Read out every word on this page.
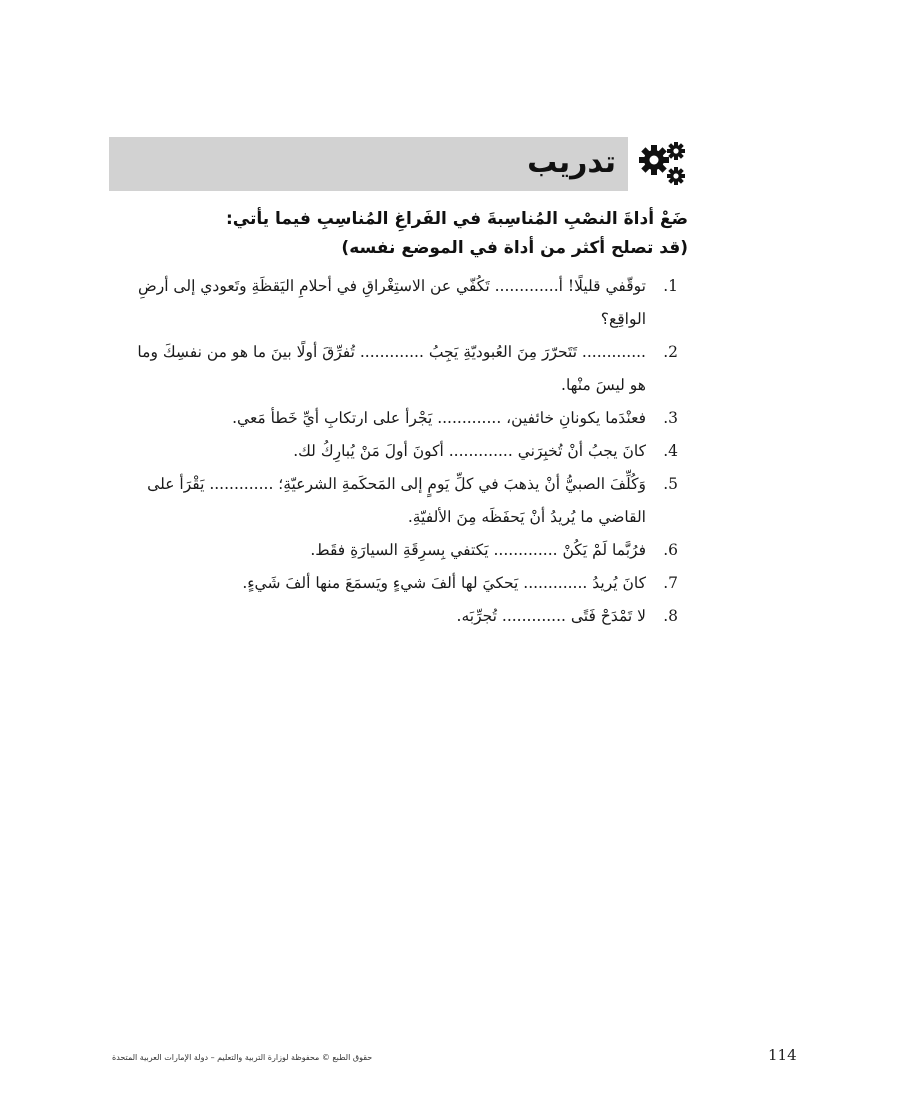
تدريب
ضَعْ أداةَ النصْبِ المُناسِبةَ في الفَراغِ المُناسِبِ فيما يأتي:
(قد تصلح أكثر من أداة في الموضع نفسه)
1.
توقّفي قليلًا! أ............. تَكُفّي عن الاستِغْراقِ في أحلامِ اليَقظَةِ وتَعودي إلى أرضِ الواقِع؟
2.
............. تَتَحرّرَ مِنَ العُبوديّةِ يَجِبُ ............. تُفرِّقَ أولًا بينَ ما هو من نفسِكَ وما هو ليسَ منْها.
3.
فعنْدَما يكونانِ خائفين، ............. يَجْرأ على ارتكابِ أيِّ خَطأ مَعي.
4.
كانَ يجبُ أنْ تُخبِرَني ............. أكونَ أولَ مَنْ يُبارِكُ لك.
5.
وَكُلِّفَ الصبيُّ أنْ يذهبَ في كلِّ يَومٍ إلى المَحكَمةِ الشرعيّةِ؛ ............. يَقْرَأ على القاضي ما يُريدُ أنْ يَحفَظَه مِنَ الألفيّةِ.
6.
فرُبَّما لَمْ يَكُنْ ............. يَكتفي بِسرِقَةِ السيارَةِ فقَط.
7.
كانَ يُريدُ ............. يَحكيَ لها ألفَ شيءٍ ويَسمَعَ منها ألفَ شَيءٍ.
8.
لا تَمْدَحْ فَتًى ............. تُجرِّبَه.
حقوق الطبع © محفوظة لوزارة التربية والتعليم – دولة الإمارات العربية المتحدة	114
